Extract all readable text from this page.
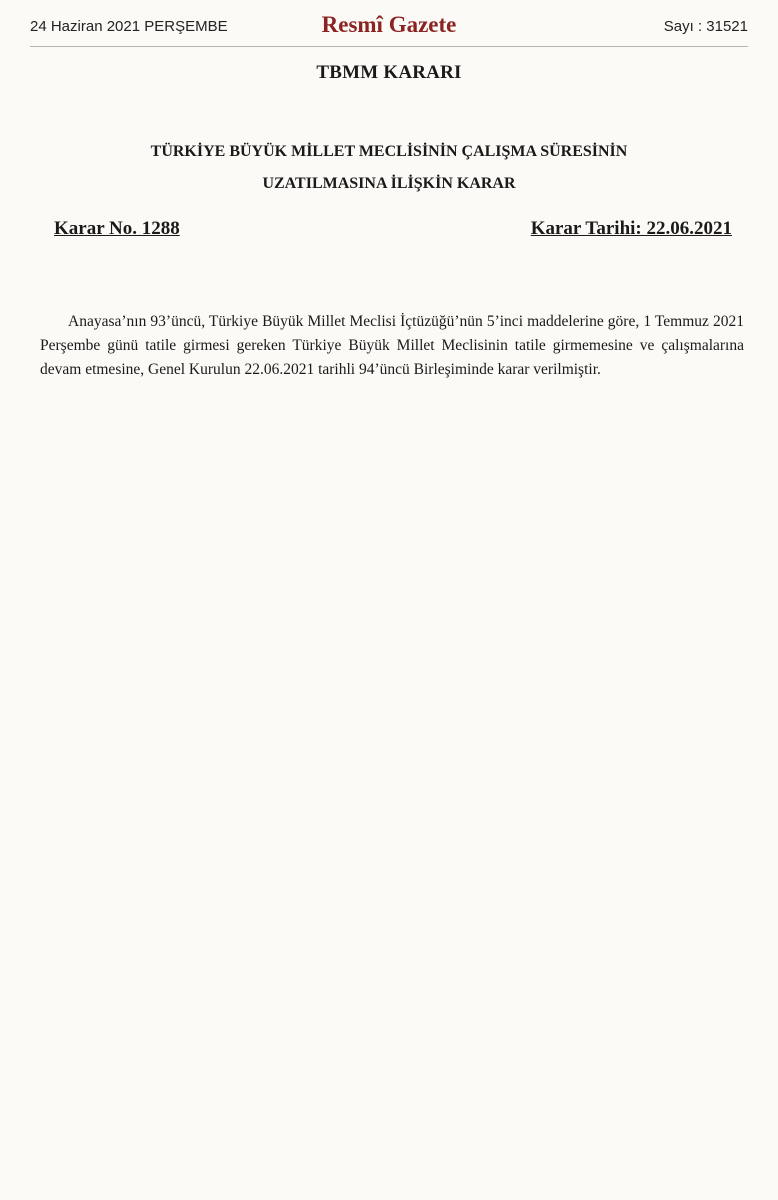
24 Haziran 2021 PERŞEMBE	Resmî Gazete	Sayı : 31521
TBMM KARARI
TÜRKİYE BÜYÜK MİLLET MECLİSİNİN ÇALIŞMA SÜRESİNİN
UZATILMASINA İLİŞKİN KARAR
Karar No. 1288	Karar Tarihi: 22.06.2021

Anayasa’nın 93’üncü, Türkiye Büyük Millet Meclisi İçtüzüğü’nün 5’inci maddelerine göre, 1 Temmuz 2021 Perşembe günü tatile girmesi gereken Türkiye Büyük Millet Meclisinin tatile girmemesine ve çalışmalarına devam etmesine, Genel Kurulun 22.06.2021 tarihli 94’üncü Birleşiminde karar verilmiştir.
